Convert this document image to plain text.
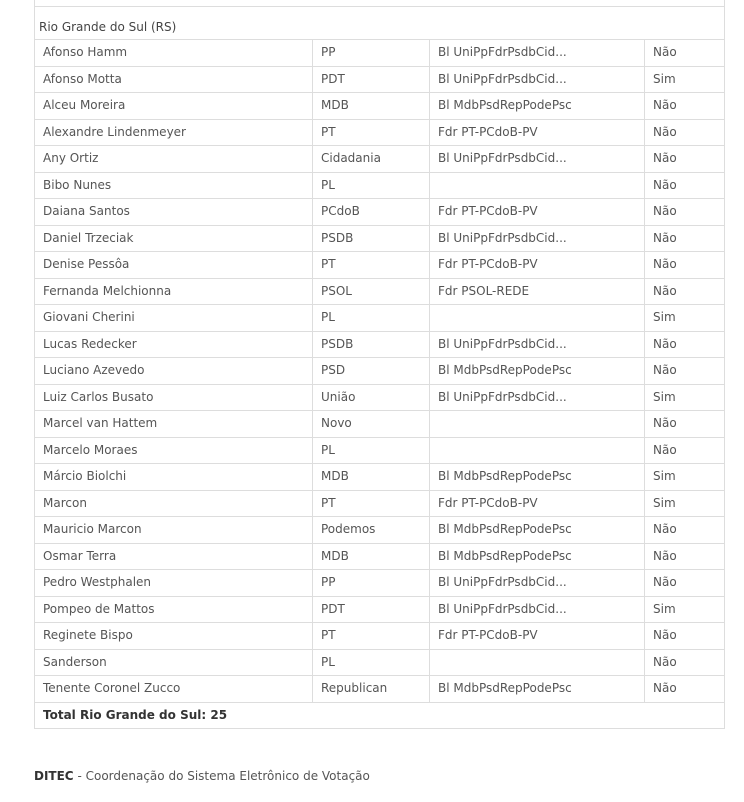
Rio Grande do Sul (RS)			
Afonso Hamm	PP	Bl UniPpFdrPsdbCid...	Não
Afonso Motta	PDT	Bl UniPpFdrPsdbCid...	Sim
Alceu Moreira	MDB	Bl MdbPsdRepPodePsc	Não
Alexandre Lindenmeyer	PT	Fdr PT-PCdoB-PV	Não
Any Ortiz	Cidadania	Bl UniPpFdrPsdbCid...	Não
Bibo Nunes	PL		Não
Daiana Santos	PCdoB	Fdr PT-PCdoB-PV	Não
Daniel Trzeciak	PSDB	Bl UniPpFdrPsdbCid...	Não
Denise Pessôa	PT	Fdr PT-PCdoB-PV	Não
Fernanda Melchionna	PSOL	Fdr PSOL-REDE	Não
Giovani Cherini	PL		Sim
Lucas Redecker	PSDB	Bl UniPpFdrPsdbCid...	Não
Luciano Azevedo	PSD	Bl MdbPsdRepPodePsc	Não
Luiz Carlos Busato	União	Bl UniPpFdrPsdbCid...	Sim
Marcel van Hattem	Novo		Não
Marcelo Moraes	PL		Não
Márcio Biolchi	MDB	Bl MdbPsdRepPodePsc	Sim
Marcon	PT	Fdr PT-PCdoB-PV	Sim
Mauricio Marcon	Podemos	Bl MdbPsdRepPodePsc	Não
Osmar Terra	MDB	Bl MdbPsdRepPodePsc	Não
Pedro Westphalen	PP	Bl UniPpFdrPsdbCid...	Não
Pompeo de Mattos	PDT	Bl UniPpFdrPsdbCid...	Sim
Reginete Bispo	PT	Fdr PT-PCdoB-PV	Não
Sanderson	PL		Não
Tenente Coronel Zucco	Republican	Bl MdbPsdRepPodePsc	Não
Total Rio Grande do Sul: 25			
DITEC - Coordenação do Sistema Eletrônico de Votação
